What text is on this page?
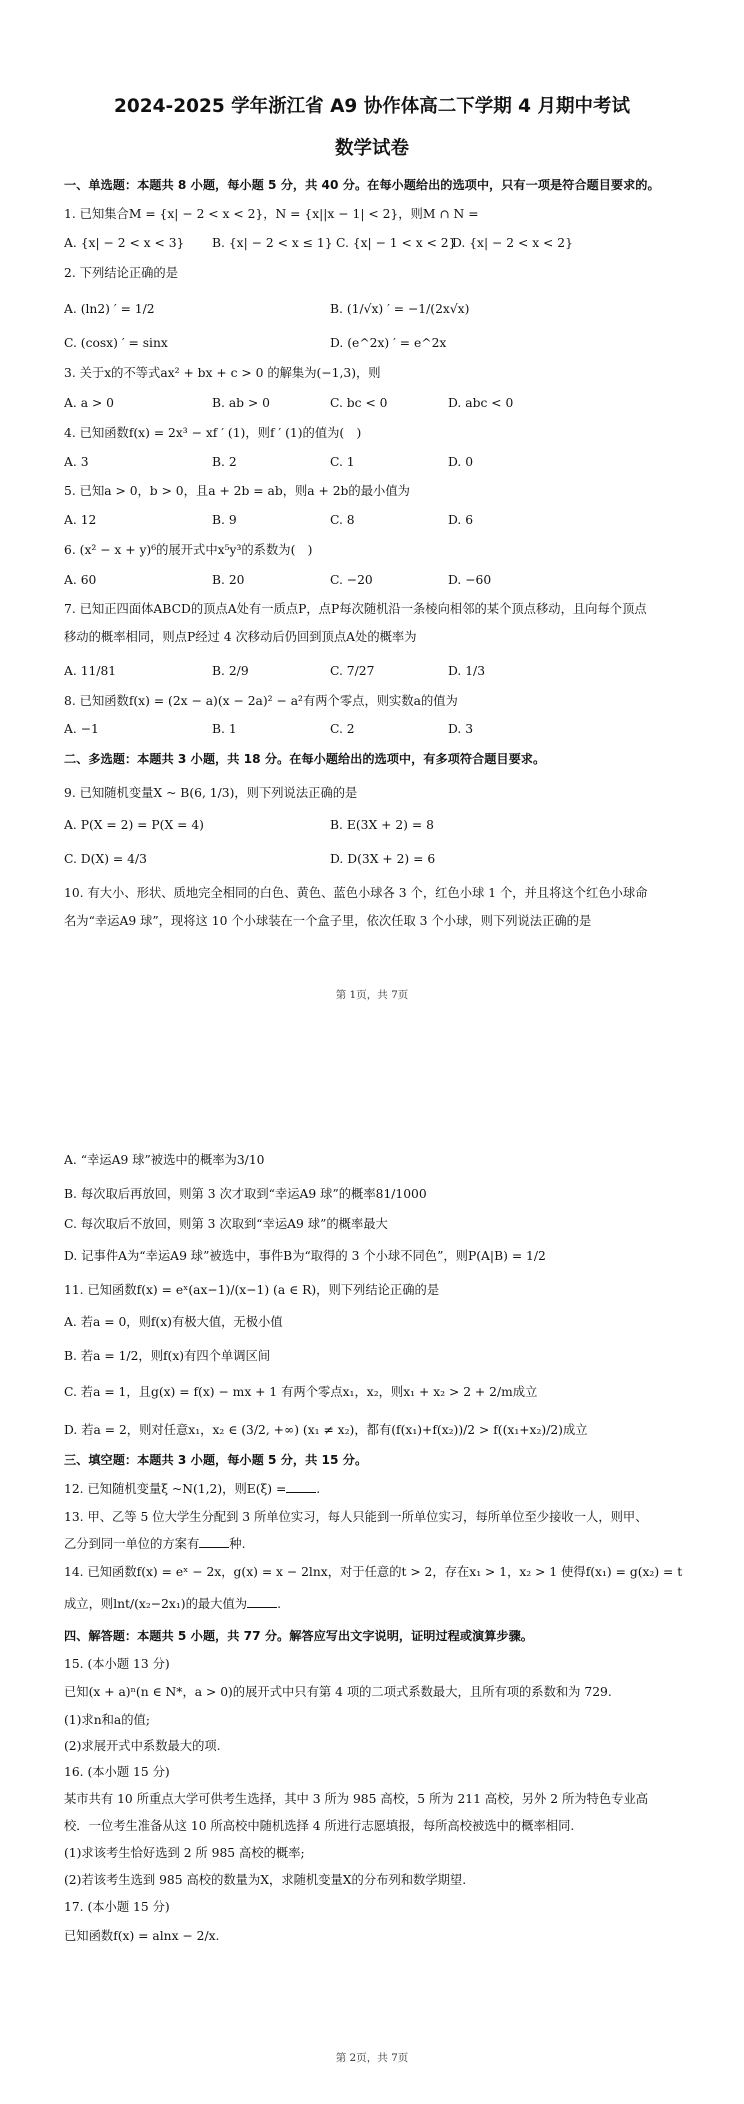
2024-2025 学年浙江省 A9 协作体高二下学期 4 月期中考试
数学试卷
一、单选题：本题共 8 小题，每小题 5 分，共 40 分。在每小题给出的选项中，只有一项是符合题目要求的。
1. 已知集合M = {x| − 2 < x < 2}，N = {x||x − 1| < 2}，则M ∩ N =
A. {x| − 2 < x < 3} B. {x| − 2 < x ≤ 1} C. {x| − 1 < x < 2}
D. {x| − 2 < x < 2}
2. 下列结论正确的是
A. (ln2) ′ = 1/2	B. (1/√x) ′ = −1/(2x√x)
C. (cosx) ′ = sinx	D. (e^2x) ′ = e^2x
3. 关于x的不等式ax² + bx + c > 0 的解集为(−1,3)，则
A. a > 0	B. ab > 0	C. bc < 0	D. abc < 0
4. 已知函数f(x) = 2x³ − xf ′ (1)，则f ′ (1)的值为(　)
A. 3	B. 2	C. 1	D. 0
5. 已知a > 0，b > 0，且a + 2b = ab，则a + 2b的最小值为
A. 12	B. 9	C. 8	D. 6
6. (x² − x + y)⁶的展开式中x⁵y³的系数为(　)
A. 60	B. 20	C. −20	D. −60
7. 已知正四面体ABCD的顶点A处有一质点P，点P每次随机沿一条棱向相邻的某个顶点移动，且向每个顶点
移动的概率相同，则点P经过 4 次移动后仍回到顶点A处的概率为
A. 11/81	B. 2/9	C. 7/27	D. 1/3
8. 已知函数f(x) = (2x − a)(x − 2a)² − a²有两个零点，则实数a的值为
A. −1	B. 1	C. 2	D. 3
二、多选题：本题共 3 小题，共 18 分。在每小题给出的选项中，有多项符合题目要求。
9. 已知随机变量X ~ B(6, 1/3)，则下列说法正确的是
A. P(X = 2) = P(X = 4)	B. E(3X + 2) = 8
C. D(X) = 4/3	D. D(3X + 2) = 6
10. 有大小、形状、质地完全相同的白色、黄色、蓝色小球各 3 个，红色小球 1 个，并且将这个红色小球命
名为“幸运A9 球”，现将这 10 个小球装在一个盒子里，依次任取 3 个小球，则下列说法正确的是
第 1页，共 7页
A. “幸运A9 球”被选中的概率为3/10
B. 每次取后再放回，则第 3 次才取到“幸运A9 球”的概率81/1000
C. 每次取后不放回，则第 3 次取到“幸运A9 球”的概率最大
D. 记事件A为“幸运A9 球”被选中，事件B为“取得的 3 个小球不同色”，则P(A|B) = 1/2
11. 已知函数f(x) = eˣ(ax−1)/(x−1) (a ∈ R)，则下列结论正确的是
A. 若a = 0，则f(x)有极大值，无极小值
B. 若a = 1/2，则f(x)有四个单调区间
C. 若a = 1，且g(x) = f(x) − mx + 1 有两个零点x₁，x₂，则x₁ + x₂ > 2 + 2/m成立
D. 若a = 2，则对任意x₁，x₂ ∈ (3/2, +∞) (x₁ ≠ x₂)，都有(f(x₁)+f(x₂))/2 > f((x₁+x₂)/2)成立
三、填空题：本题共 3 小题，每小题 5 分，共 15 分。
12. 已知随机变量ξ ~N(1,2)，则E(ξ) = .
13. 甲、乙等 5 位大学生分配到 3 所单位实习，每人只能到一所单位实习，每所单位至少接收一人，则甲、
乙分到同一单位的方案有 种.
14. 已知函数f(x) = eˣ − 2x，g(x) = x − 2lnx，对于任意的t > 2，存在x₁ > 1，x₂ > 1 使得f(x₁) = g(x₂) = t
成立，则lnt/(x₂−2x₁)的最大值为 .
四、解答题：本题共 5 小题，共 77 分。解答应写出文字说明，证明过程或演算步骤。
15. (本小题 13 分)
已知(x + a)ⁿ(n ∈ N*，a > 0)的展开式中只有第 4 项的二项式系数最大，且所有项的系数和为 729.
(1)求n和a的值;
(2)求展开式中系数最大的项.
16. (本小题 15 分)
某市共有 10 所重点大学可供考生选择，其中 3 所为 985 高校，5 所为 211 高校，另外 2 所为特色专业高
校．一位考生准备从这 10 所高校中随机选择 4 所进行志愿填报，每所高校被选中的概率相同.
(1)求该考生恰好选到 2 所 985 高校的概率;
(2)若该考生选到 985 高校的数量为X，求随机变量X的分布列和数学期望.
17. (本小题 15 分)
已知函数f(x) = alnx − 2/x.
第 2页，共 7页
